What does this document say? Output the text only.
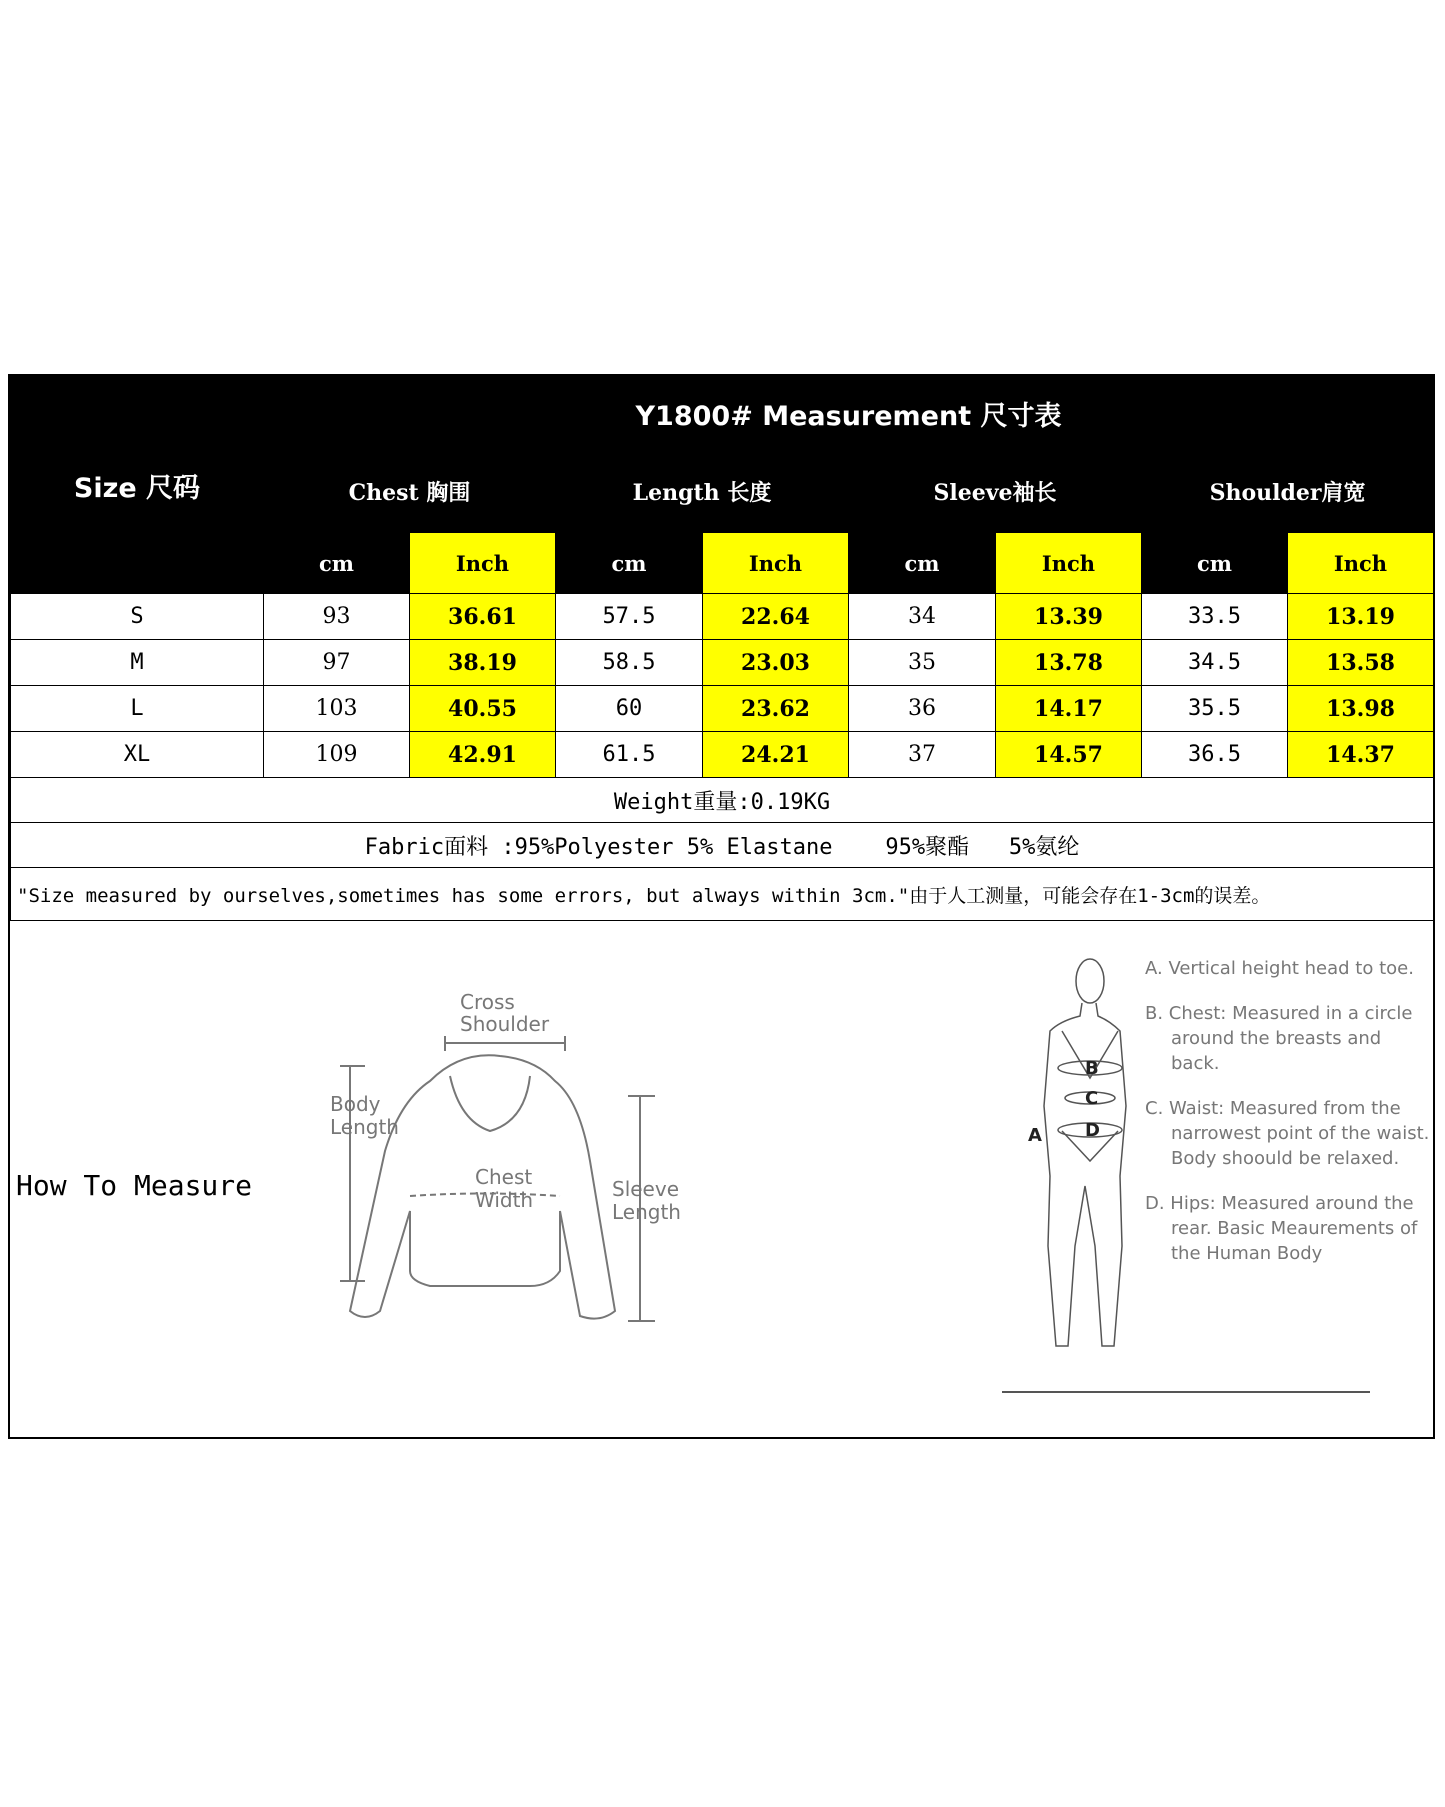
Size 尺码	Y1800# Measurement 尺寸表							
	Chest 胸围		Length 长度		Sleeve袖长		Shoulder肩宽	
	cm	Inch	cm	Inch	cm	Inch	cm	Inch
S	93	36.61	57.5	22.64	34	13.39	33.5	13.19
M	97	38.19	58.5	23.03	35	13.78	34.5	13.58
L	103	40.55	60	23.62	36	14.17	35.5	13.98
XL	109	42.91	61.5	24.21	37	14.57	36.5	14.37
Weight重量:0.19KG								
Fabric面料 :95%Polyester 5% Elastane    95%聚酯   5%氨纶								
"Size measured by ourselves,sometimes has some errors, but always within 3cm."由于人工测量，可能会存在1-3cm的误差。								
How To Measure
Cross
Shoulder
Body
Length
Chest
Width	Sleeve
Length
B
C
D
A
A. Vertical height head to toe.
B. Chest: Measured in a circle around the breasts and back.
C. Waist: Measured from the narrowest point of the waist. Body shoould be relaxed.
D. Hips: Measured around the rear. Basic Meaurements of the Human Body
